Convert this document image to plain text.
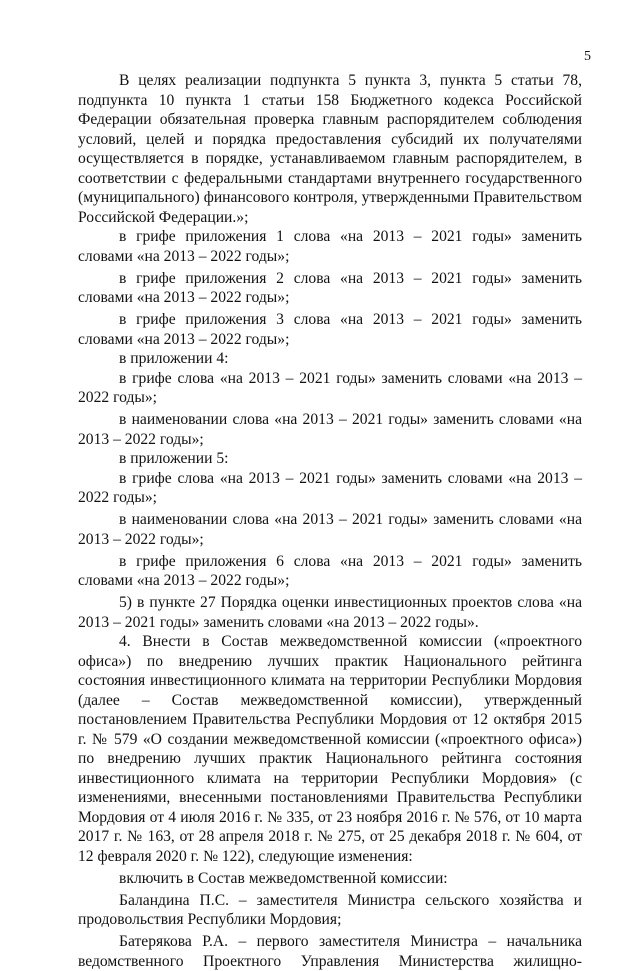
5

В целях реализации подпункта 5 пункта 3, пункта 5 статьи 78, подпункта 10 пункта 1 статьи 158 Бюджетного кодекса Российской Федерации обязательная проверка главным распорядителем соблюдения условий, целей и порядка предоставления субсидий их получателями осуществляется в порядке, устанавливаемом главным распорядителем, в соответствии с федеральными стандартами внутреннего государственного (муниципального) финансового контроля, утвержденными Правительством Российской Федерации.»;

в грифе приложения 1 слова «на 2013 – 2021 годы» заменить словами «на 2013 – 2022 годы»;

в грифе приложения 2 слова «на 2013 – 2021 годы» заменить словами «на 2013 – 2022 годы»;

в грифе приложения 3 слова «на 2013 – 2021 годы» заменить словами «на 2013 – 2022 годы»;

в приложении 4:

в грифе слова «на 2013 – 2021 годы» заменить словами «на 2013 – 2022 годы»;

в наименовании слова «на 2013 – 2021 годы» заменить словами «на 2013 – 2022 годы»;

в приложении 5:

в грифе слова «на 2013 – 2021 годы» заменить словами «на 2013 – 2022 годы»;

в наименовании слова «на 2013 – 2021 годы» заменить словами «на 2013 – 2022 годы»;

в грифе приложения 6 слова «на 2013 – 2021 годы» заменить словами «на 2013 – 2022 годы»;

5) в пункте 27 Порядка оценки инвестиционных проектов слова «на 2013 – 2021 годы» заменить словами «на 2013 – 2022 годы».

4. Внести в Состав межведомственной комиссии («проектного офиса») по внедрению лучших практик Национального рейтинга состояния инвестиционного климата на территории Республики Мордовия (далее – Состав межведомственной комиссии), утвержденный постановлением Правительства Республики Мордовия от 12 октября 2015 г. № 579 «О создании межведомственной комиссии («проектного офиса») по внедрению лучших практик Национального рейтинга состояния инвестиционного климата на территории Республики Мордовия» (с изменениями, внесенными постановлениями Правительства Республики Мордовия от 4 июля 2016 г. № 335, от 23 ноября 2016 г. № 576, от 10 марта 2017 г. № 163, от 28 апреля 2018 г. № 275, от 25 декабря 2018 г. № 604, от 12 февраля 2020 г. № 122), следующие изменения:

включить в Состав межведомственной комиссии:

Баландина П.С. – заместителя Министра сельского хозяйства и продовольствия Республики Мордовия;

Батерякова Р.А. – первого заместителя Министра – начальника ведомственного Проектного Управления Министерства жилищно-
